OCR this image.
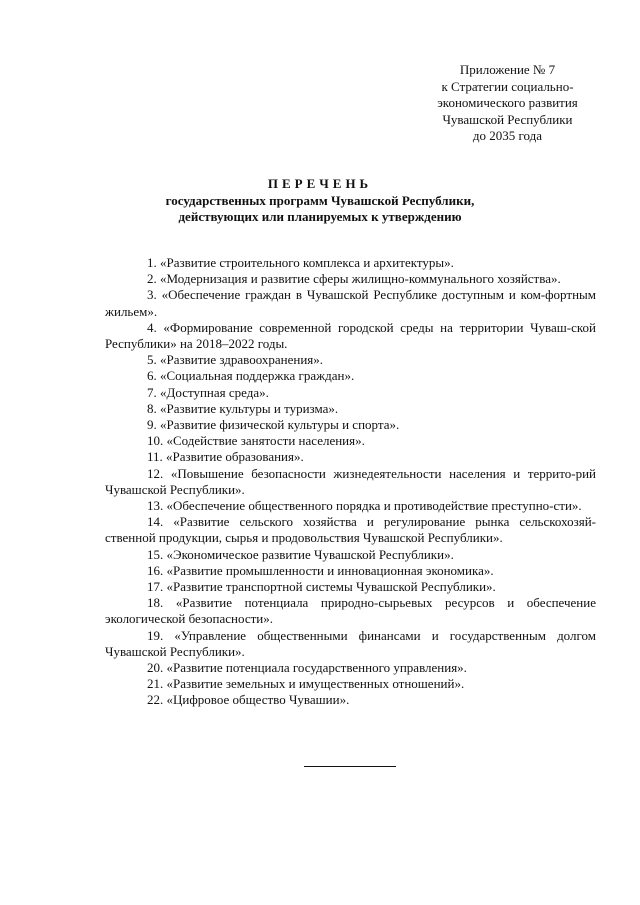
Приложение № 7
к Стратегии социально-
экономического развития
Чувашской Республики
до 2035 года
ПЕРЕЧЕНЬ
государственных программ Чувашской Республики,
действующих или планируемых к утверждению
1. «Развитие строительного комплекса и архитектуры».
2. «Модернизация и развитие сферы жилищно-коммунального хозяйства».
3. «Обеспечение граждан в Чувашской Республике доступным и ком-фортным жильем».
4. «Формирование современной городской среды на территории Чуваш-ской Республики» на 2018–2022 годы.
5. «Развитие здравоохранения».
6. «Социальная поддержка граждан».
7. «Доступная среда».
8. «Развитие культуры и туризма».
9. «Развитие физической культуры и спорта».
10. «Содействие занятости населения».
11. «Развитие образования».
12. «Повышение безопасности жизнедеятельности населения и террито-рий Чувашской Республики».
13. «Обеспечение общественного порядка и противодействие преступно-сти».
14. «Развитие сельского хозяйства и регулирование рынка сельскохозяй-ственной продукции, сырья и продовольствия Чувашской Республики».
15. «Экономическое развитие Чувашской Республики».
16. «Развитие промышленности и инновационная экономика».
17. «Развитие транспортной системы Чувашской Республики».
18. «Развитие потенциала природно-сырьевых ресурсов и обеспечение экологической безопасности».
19. «Управление общественными финансами и государственным долгом Чувашской Республики».
20. «Развитие потенциала государственного управления».
21. «Развитие земельных и имущественных отношений».
22. «Цифровое общество Чувашии».
